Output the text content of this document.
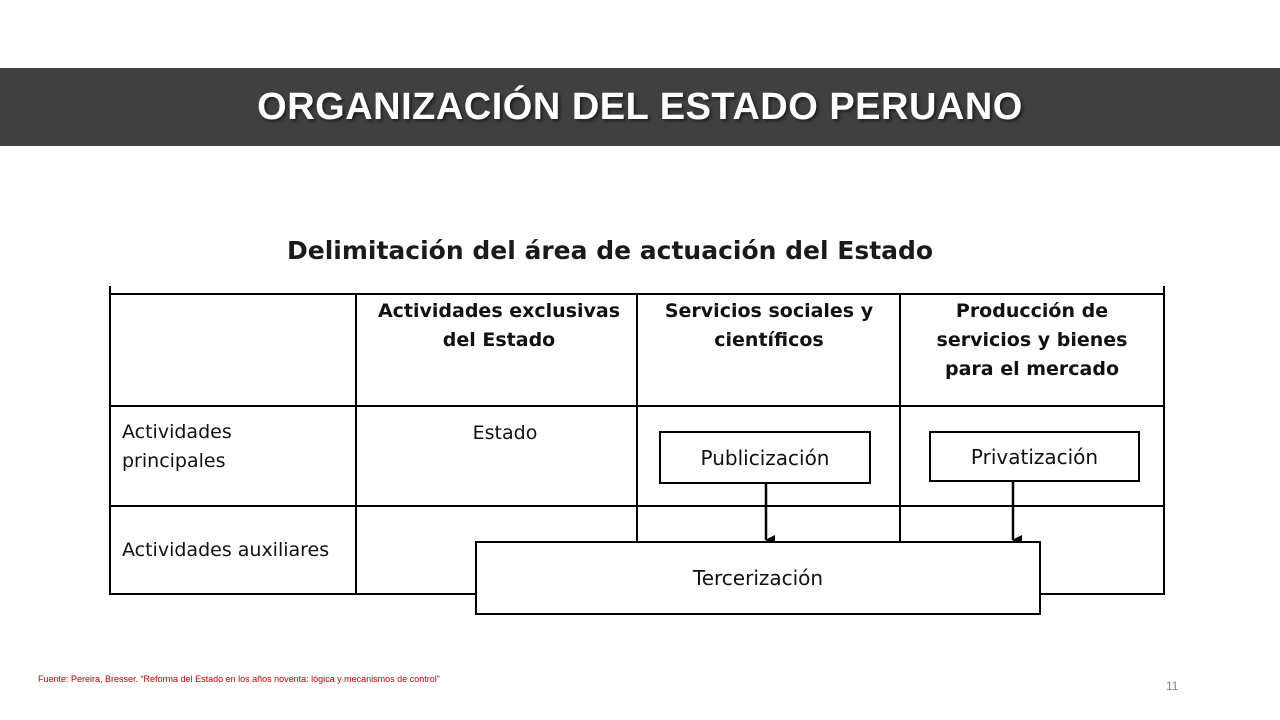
ORGANIZACIÓN DEL ESTADO PERUANO
Delimitación del área de actuación del Estado
Actividades exclusivas del Estado
Servicios sociales y científicos
Producción de servicios y bienes para el mercado
Actividades principales
Actividades auxiliares
Estado
Publicización	Privatización
Tercerización
Fuente: Pereira, Bresser. “Reforma del Estado en los años noventa: lógica y mecanismos de control”	11
